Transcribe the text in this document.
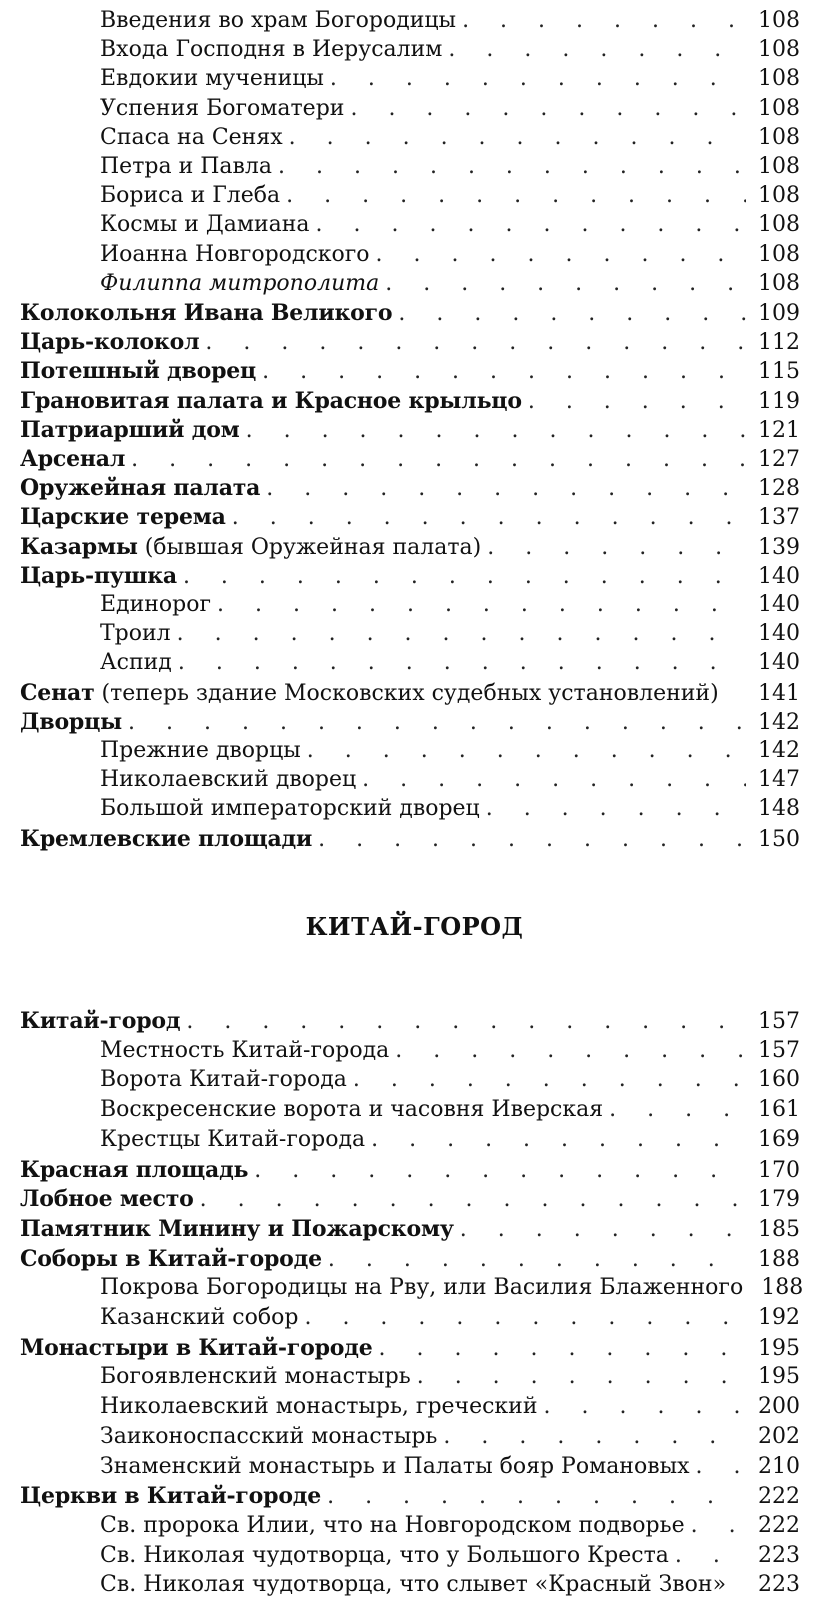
Введения во храм Богородицы . . .	108
Входа Господня в Иерусалим . . .	108
Евдокии мученицы . . .	108
Успения Богоматери . . .	108
Спаса на Сенях . . .	108
Петра и Павла . . .	108
Бориса и Глеба . . .	108
Космы и Дамиана . . .	108
Иоанна Новгородского . . .	108
Филиппа митрополита . . .	108
Колокольня Ивана Великого . . .	109
Царь-колокол . . .	112
Потешный дворец . . .	115
Грановитая палата и Красное крыльцо . . .	119
Патриарший дом . . .	121
Арсенал . . .	127
Оружейная палата . . .	128
Царские терема . . .	137
Казармы (бывшая Оружейная палата) . . .	139
Царь-пушка . . .	140
Единорог . . .	140
Троил . . .	140
Аспид . . .	140
Сенат (теперь здание Московских судебных установлений) 141
Дворцы . . .	142
Прежние дворцы . . .	142
Николаевский дворец . . .	147
Большой императорский дворец . . .	148
Кремлевские площади . . .	150
КИТАЙ-ГОРОД
Китай-город . . .	157
Местность Китай-города . . .	157
Ворота Китай-города . . .	160
Воскресенские ворота и часовня Иверская . . .	161
Крестцы Китай-города . . .	169
Красная площадь . . .	170
Лобное место . . .	179
Памятник Минину и Пожарскому . . .	185
Соборы в Китай-городе . . .	188
Покрова Богородицы на Рву, или Василия Блаженного 188
Казанский собор . . .	192
Монастыри в Китай-городе . . .	195
Богоявленский монастырь . . .	195
Николаевский монастырь, греческий . . .	200
Заиконоспасский монастырь . . .	202
Знаменский монастырь и Палаты бояр Романовых . . .	210
Церкви в Китай-городе . . .	222
Св. пророка Илии, что на Новгородском подворье . . .	222
Св. Николая чудотворца, что у Большого Креста . . .	223
Св. Николая чудотворца, что слывет «Красный Звон» 223
